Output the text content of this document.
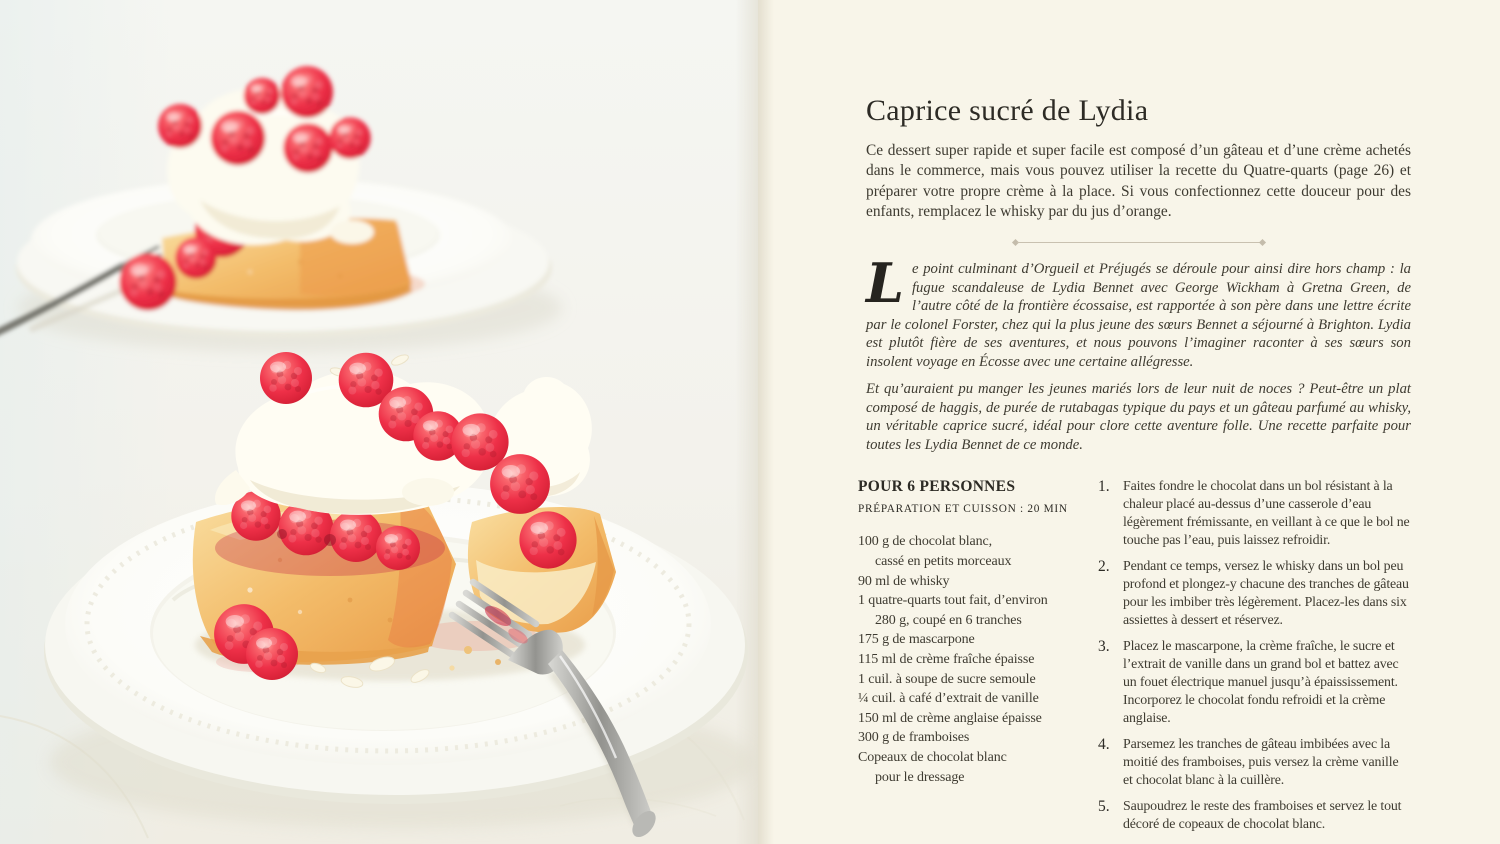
Caprice sucré de Lydia

Ce dessert super rapide et super facile est composé d’un gâteau et d’une crème achetés dans le commerce, mais vous pouvez utiliser la recette du Quatre-quarts (page 26) et préparer votre propre crème à la place. Si vous confectionnez cette douceur pour des enfants, remplacez le whisky par du jus d’orange.

Le point culminant d’Orgueil et Préjugés se déroule pour ainsi dire hors champ : la fugue scandaleuse de Lydia Bennet avec George Wickham à Gretna Green, de l’autre côté de la frontière écossaise, est rapportée à son père dans une lettre écrite par le colonel Forster, chez qui la plus jeune des sœurs Bennet a séjourné à Brighton. Lydia est plutôt fière de ses aventures, et nous pouvons l’imaginer raconter à ses sœurs son insolent voyage en Écosse avec une certaine allégresse.

Et qu’auraient pu manger les jeunes mariés lors de leur nuit de noces ? Peut-être un plat composé de haggis, de purée de rutabagas typique du pays et un gâteau parfumé au whisky, un véritable caprice sucré, idéal pour clore cette aventure folle. Une recette parfaite pour toutes les Lydia Bennet de ce monde.

POUR 6 PERSONNES
PRÉPARATION ET CUISSON : 20 MIN
100 g de chocolat blanc,
cassé en petits morceaux
90 ml de whisky
1 quatre-quarts tout fait, d’environ
280 g, coupé en 6 tranches
175 g de mascarpone
115 ml de crème fraîche épaisse
1 cuil. à soupe de sucre semoule
¼ cuil. à café d’extrait de vanille
150 ml de crème anglaise épaisse
300 g de framboises
Copeaux de chocolat blanc
pour le dressage
1. Faites fondre le chocolat dans un bol résistant à la chaleur placé au-dessus d’une casserole d’eau légèrement frémissante, en veillant à ce que le bol ne touche pas l’eau, puis laissez refroidir.
2. Pendant ce temps, versez le whisky dans un bol peu profond et plongez-y chacune des tranches de gâteau pour les imbiber très légèrement. Placez-les dans six assiettes à dessert et réservez.
3. Placez le mascarpone, la crème fraîche, le sucre et l’extrait de vanille dans un grand bol et battez avec un fouet électrique manuel jusqu’à épaississement. Incorporez le chocolat fondu refroidi et la crème anglaise.
4. Parsemez les tranches de gâteau imbibées avec la moitié des framboises, puis versez la crème vanille et chocolat blanc à la cuillère.
5. Saupoudrez le reste des framboises et servez le tout décoré de copeaux de chocolat blanc.
